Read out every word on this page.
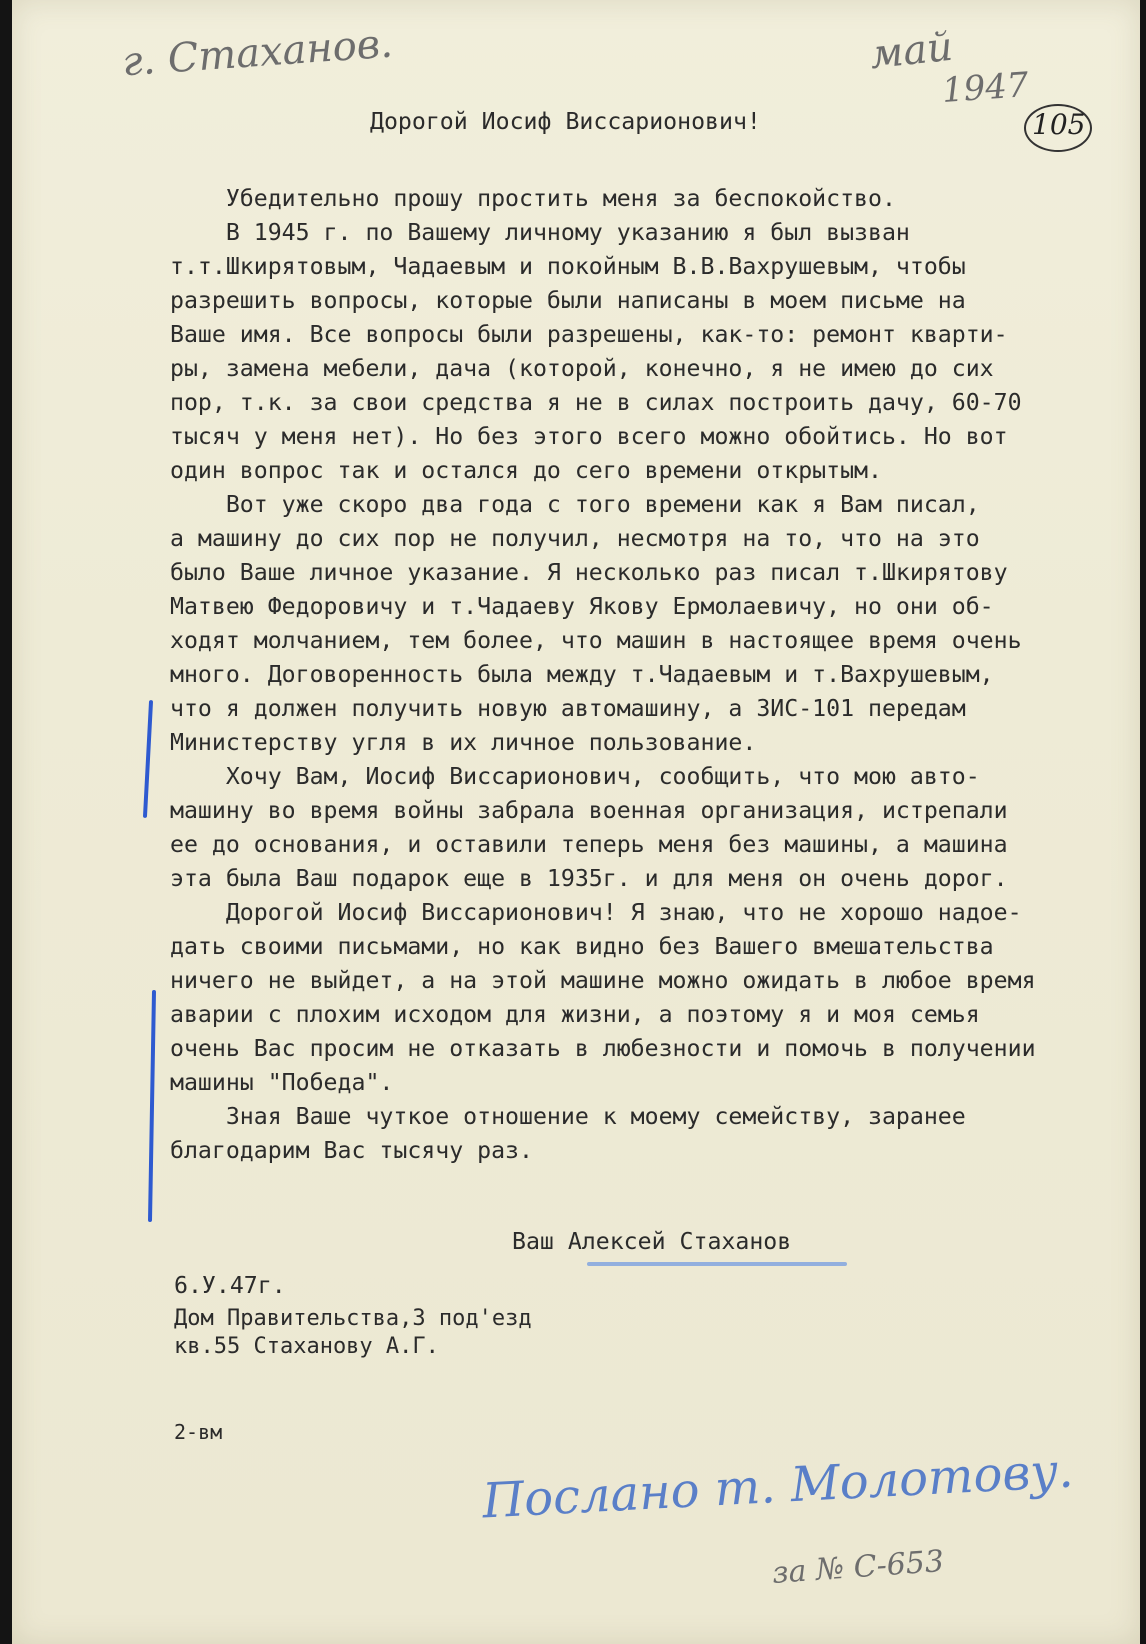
г. Стаханов.	май
1947
105
Дорогой Иосиф Виссарионович!
Убедительно прошу простить меня за беспокойство.
В 1945 г. по Вашему личному указанию я был вызван
т.т.Шкирятовым, Чадаевым и покойным В.В.Вахрушевым, чтобы
разрешить вопросы, которые были написаны в моем письме на
Ваше имя. Все вопросы были разрешены, как-то: ремонт кварти-
ры, замена мебели, дача (которой, конечно, я не имею до сих
пор, т.к. за свои средства я не в силах построить дачу, 60-70
тысяч у меня нет). Но без этого всего можно обойтись. Но вот
один вопрос так и остался до сего времени открытым.
Вот уже скоро два года с того времени как я Вам писал,
а машину до сих пор не получил, несмотря на то, что на это
было Ваше личное указание. Я несколько раз писал т.Шкирятову
Матвею Федоровичу и т.Чадаеву Якову Ермолаевичу, но они об-
ходят молчанием, тем более, что машин в настоящее время очень
много. Договоренность была между т.Чадаевым и т.Вахрушевым,
что я должен получить новую автомашину, а ЗИС-101 передам
Министерству угля в их личное пользование.
Хочу Вам, Иосиф Виссарионович, сообщить, что мою авто-
машину во время войны забрала военная организация, истрепали
ее до основания, и оставили теперь меня без машины, а машина
эта была Ваш подарок еще в 1935г. и для меня он очень дорог.
Дорогой Иосиф Виссарионович! Я знаю, что не хорошо надое-
дать своими письмами, но как видно без Вашего вмешательства
ничего не выйдет, а на этой машине можно ожидать в любое время
аварии с плохим исходом для жизни, а поэтому я и моя семья
очень Вас просим не отказать в любезности и помочь в получении
машины "Победа".
Зная Ваше чуткое отношение к моему семейству, заранее
благодарим Вас тысячу раз.
Ваш Алексей Стаханов
6.У.47г.
Дом Правительства,3 под'езд
кв.55 Стаханову А.Г.
2-вм
Послано т. Молотову.
за № С-653
